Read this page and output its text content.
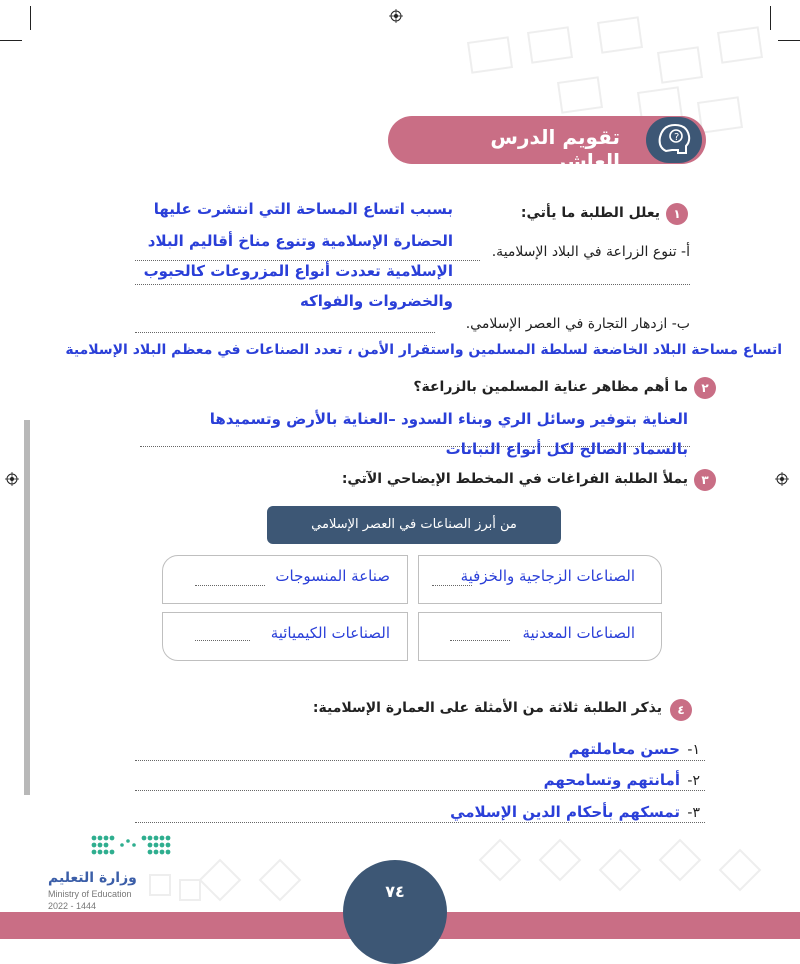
تقويم الدرس العاشر
?
١
يعلل الطلبة ما يأتي:
بسبب اتساع المساحة التي انتشرت عليها
الحضارة الإسلامية وتنوع مناخ أقاليم البلاد
أ- تنوع الزراعة في البلاد الإسلامية.
الإسلامية تعددت أنواع المزروعات كالحبوب
والخضروات والفواكه
ب- ازدهار التجارة في العصر الإسلامي.
اتساع مساحة البلاد الخاضعة لسلطة المسلمين واستقرار الأمن ، تعدد الصناعات في معظم البلاد الإسلامية
٢
ما أهم مظاهر عناية المسلمين بالزراعة؟
العناية بتوفير وسائل الري وبناء السدود –العناية بالأرض وتسميدها
بالسماد الصالح لكل أنواع النباتات
٣
يملأ الطلبة الفراغات في المخطط الإيضاحي الآتي:
من أبرز الصناعات في العصر الإسلامي
الصناعات الزجاجية والخزفية
صناعة المنسوجات
الصناعات المعدنية
الصناعات الكيميائية
٤
يذكر الطلبة ثلاثة من الأمثلة على العمارة الإسلامية:
١-
حسن معاملتهم
٢-
أمانتهم وتسامحهم
٣-
تمسكهم بأحكام الدين الإسلامي
وزارة التعليم
Ministry of Education
2022 - 1444
٧٤
